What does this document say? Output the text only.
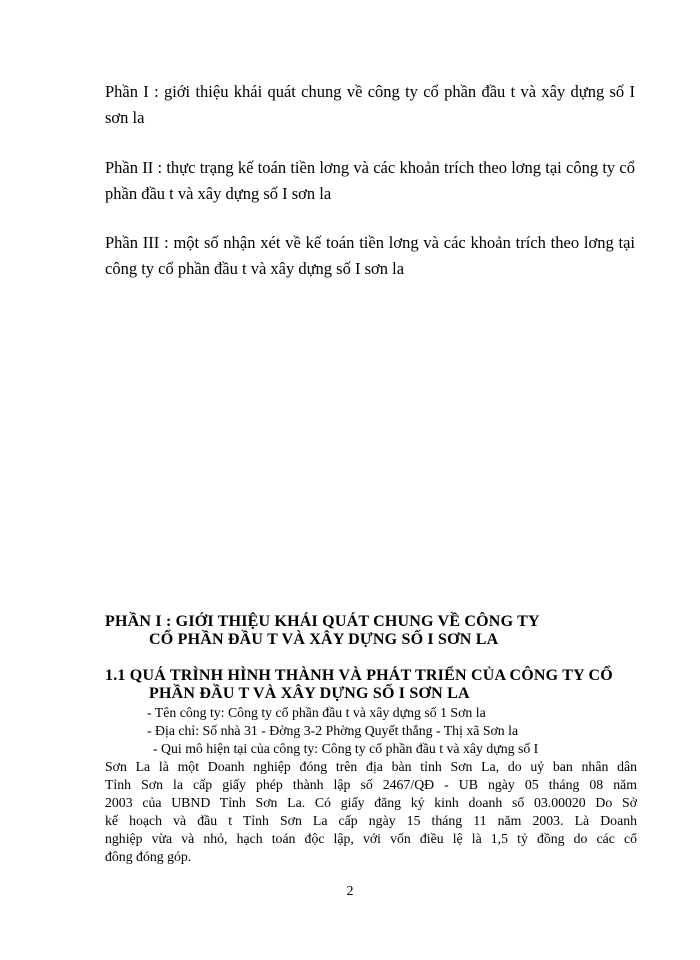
Phần I : giới thiệu khái quát chung về công ty cổ phần đầu t và xây dựng số I sơn la

Phần II : thực trạng kế toán tiền lơng và các khoản trích theo lơng tại công ty cổ phần đầu t và xây dựng số I sơn la

Phần III : một số nhận xét về kế toán tiền lơng và các khoản trích theo lơng tại công ty cổ phần đầu t và xây dựng số I sơn la

PHẦN I : GIỚI THIỆU KHÁI QUÁT CHUNG VỀ CÔNG TY
CỔ PHẦN ĐẦU T VÀ XÂY DỰNG SỐ I SƠN LA
1.1 QUÁ TRÌNH HÌNH THÀNH VÀ PHÁT TRIỂN CỦA CÔNG TY CỔ
PHẦN ĐẦU T VÀ XÂY DỰNG SỐ I SƠN LA
- Tên công ty: Công ty cổ phần đầu t và xây dựng số 1 Sơn la
- Địa chỉ: Số nhà 31 - Đờng 3-2 Phờng Quyết thắng - Thị xã Sơn la
- Qui mô hiện tại của công ty: Công ty cổ phần đầu t và xây dựng số I
Sơn La là một Doanh nghiệp đóng trên địa bàn tỉnh Sơn La, do uỷ ban nhân dân
Tỉnh Sơn la cấp giấy phép thành lập số 2467/QĐ - UB ngày 05 tháng 08 năm
2003 của UBND Tỉnh Sơn La. Có giấy đăng ký kinh doanh số 03.00020 Do Sở
kế hoạch và đầu t Tỉnh Sơn La cấp ngày 15 tháng 11 năm 2003. Là Doanh
nghiệp vừa và nhỏ, hạch toán độc lập, với vốn điều lệ là 1,5 tỷ đồng do các cổ
đông đóng góp.
2
